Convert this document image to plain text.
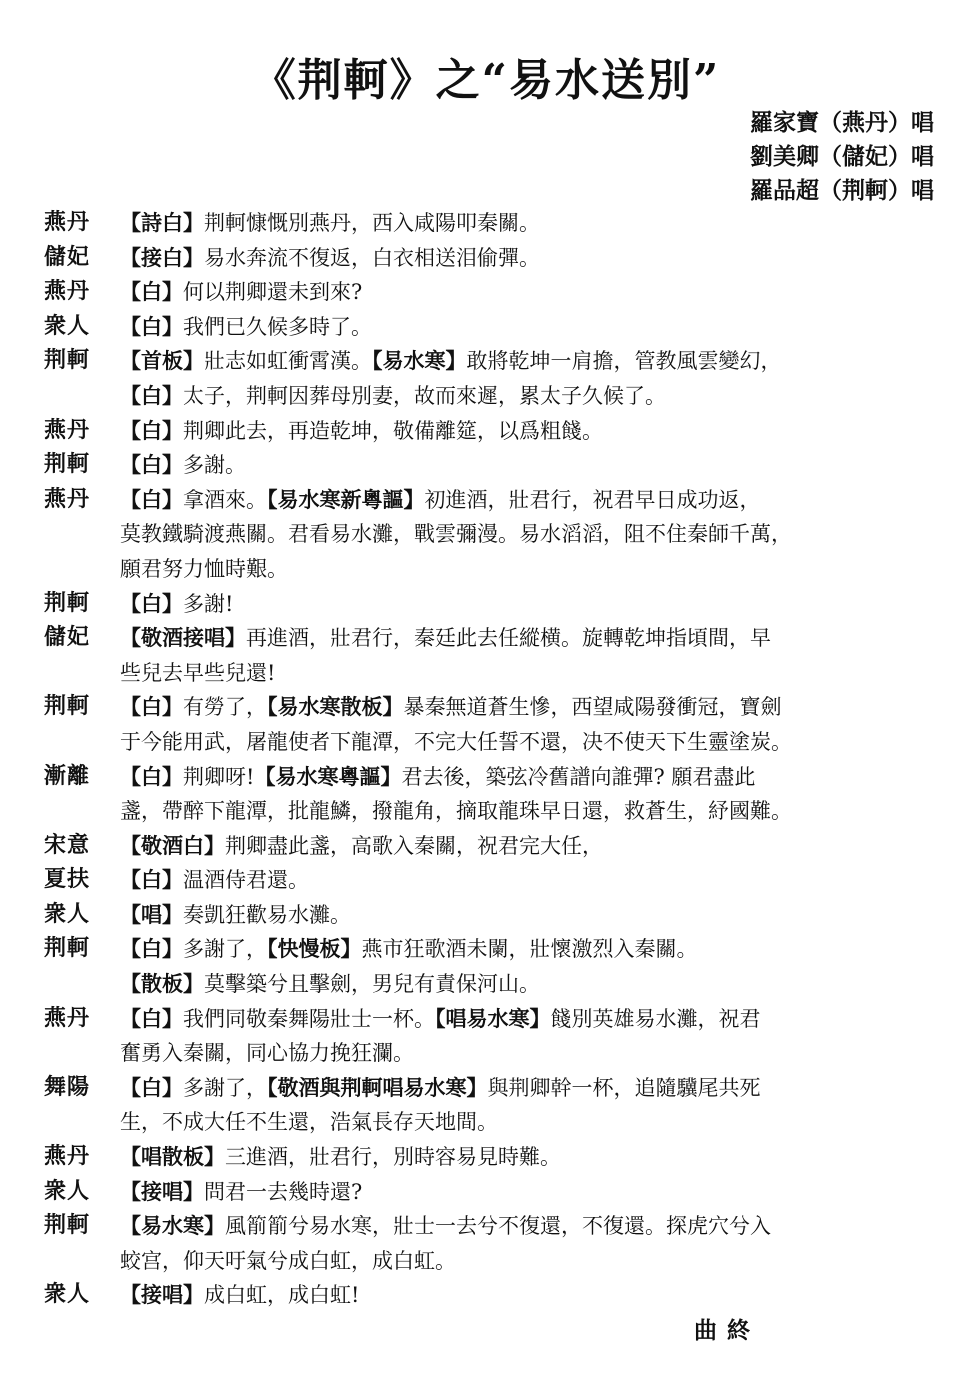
《荆軻》之“易水送別”
羅家寶（燕丹）唱
劉美卿（儲妃）唱
羅品超（荆軻）唱
燕丹	【詩白】荆軻慷慨別燕丹，西入咸陽叩秦關。
儲妃	【接白】易水奔流不復返，白衣相送泪偷彈。
燕丹	【白】何以荆卿還未到來?
衆人	【白】我們已久候多時了。
荆軻	【首板】壯志如虹衝霄漢。【易水寒】敢將乾坤一肩擔，管教風雲變幻，
【白】太子，荆軻因葬母別妻，故而來遲，累太子久候了。
燕丹	【白】荆卿此去，再造乾坤，敬備離筵，以爲粗餞。
荆軻	【白】多謝。
燕丹	【白】拿酒來。【易水寒新粵謳】初進酒，壯君行，祝君早日成功返，
莫教鐵騎渡燕關。君看易水灘，戰雲彌漫。易水滔滔，阻不住秦師千萬，
願君努力恤時艱。
荆軻	【白】多謝!
儲妃	【敬酒接唱】再進酒，壯君行，秦廷此去任縱横。旋轉乾坤指頃間，早
些兒去早些兒還!
荆軻	【白】有勞了，【易水寒散板】暴秦無道蒼生慘，西望咸陽發衝冠，寶劍
于今能用武，屠龍使者下龍潭，不完大任誓不還，决不使天下生靈塗炭。
漸離	【白】荆卿呀!【易水寒粵謳】君去後，築弦冷舊譜向誰彈? 願君盡此
盞，帶醉下龍潭，批龍鱗，撥龍角，摘取龍珠早日還，救蒼生，紓國難。
宋意	【敬酒白】荆卿盡此盞，高歌入秦關，祝君完大任，
夏扶	【白】温酒侍君還。
衆人	【唱】奏凱狂歡易水灘。
荆軻	【白】多謝了，【快慢板】燕市狂歌酒未闌，壯懷激烈入秦關。
【散板】莫擊築兮且擊劍，男兒有責保河山。
燕丹	【白】我們同敬秦舞陽壯士一杯。【唱易水寒】餞別英雄易水灘，祝君
奮勇入秦關，同心協力挽狂瀾。
舞陽	【白】多謝了，【敬酒與荆軻唱易水寒】與荆卿幹一杯，追隨驥尾共死
生，不成大任不生還，浩氣長存天地間。
燕丹	【唱散板】三進酒，壯君行，別時容易見時難。
衆人	【接唱】問君一去幾時還?
荆軻	【易水寒】風箾箾兮易水寒，壯士一去兮不復還，不復還。探虎穴兮入
蛟宫，仰天吁氣兮成白虹，成白虹。
衆人	【接唱】成白虹，成白虹!
曲終
